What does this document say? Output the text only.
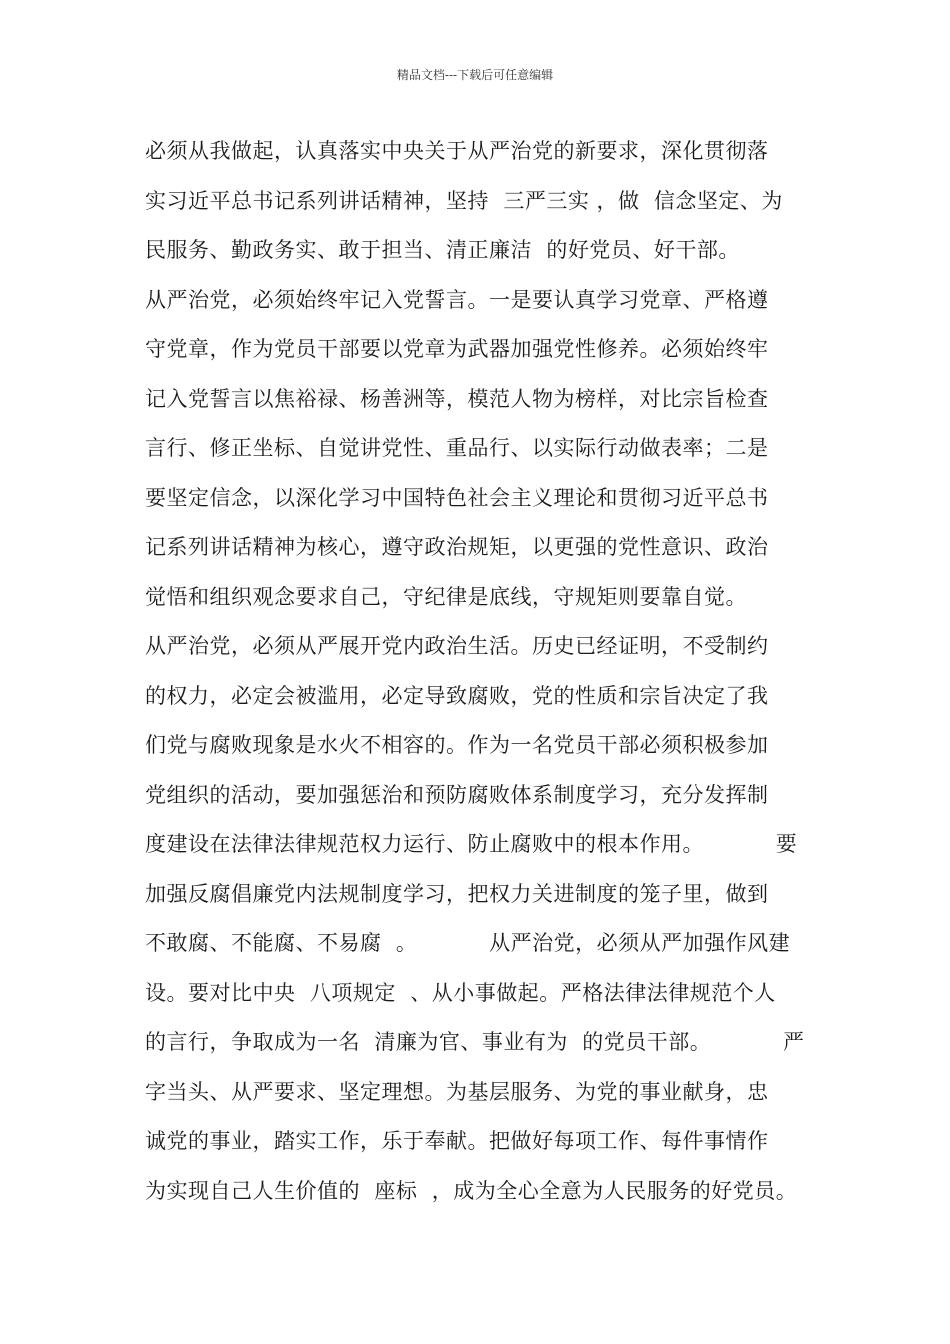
精品文档---下载后可任意编辑
必须从我做起，认真落实中央关于从严治党的新要求，深化贯彻落
实习近平总书记系列讲话精神，坚持  三严三实 ，做  信念坚定、为
民服务、勤政务实、敢于担当、清正廉洁  的好党员、好干部。
从严治党，必须始终牢记入党誓言。一是要认真学习党章、严格遵
守党章，作为党员干部要以党章为武器加强党性修养。必须始终牢
记入党誓言以焦裕禄、杨善洲等，模范人物为榜样，对比宗旨检查
言行、修正坐标、自觉讲党性、重品行、以实际行动做表率；二是
要坚定信念，以深化学习中国特色社会主义理论和贯彻习近平总书
记系列讲话精神为核心，遵守政治规矩，以更强的党性意识、政治
觉悟和组织观念要求自己，守纪律是底线，守规矩则要靠自觉。
从严治党，必须从严展开党内政治生活。历史已经证明，不受制约
的权力，必定会被滥用，必定导致腐败，党的性质和宗旨决定了我
们党与腐败现象是水火不相容的。作为一名党员干部必须积极参加
党组织的活动，要加强惩治和预防腐败体系制度学习，充分发挥制
度建设在法律法律规范权力运行、防止腐败中的根本作用。          要
加强反腐倡廉党内法规制度学习，把权力关进制度的笼子里，做到
不敢腐、不能腐、不易腐  。          从严治党，必须从严加强作风建
设。要对比中央  八项规定  、从小事做起。严格法律法律规范个人
的言行，争取成为一名  清廉为官、事业有为  的党员干部。          严
字当头、从严要求、坚定理想。为基层服务、为党的事业献身，忠
诚党的事业，踏实工作，乐于奉献。把做好每项工作、每件事情作
为实现自己人生价值的  座标  ，成为全心全意为人民服务的好党员。
